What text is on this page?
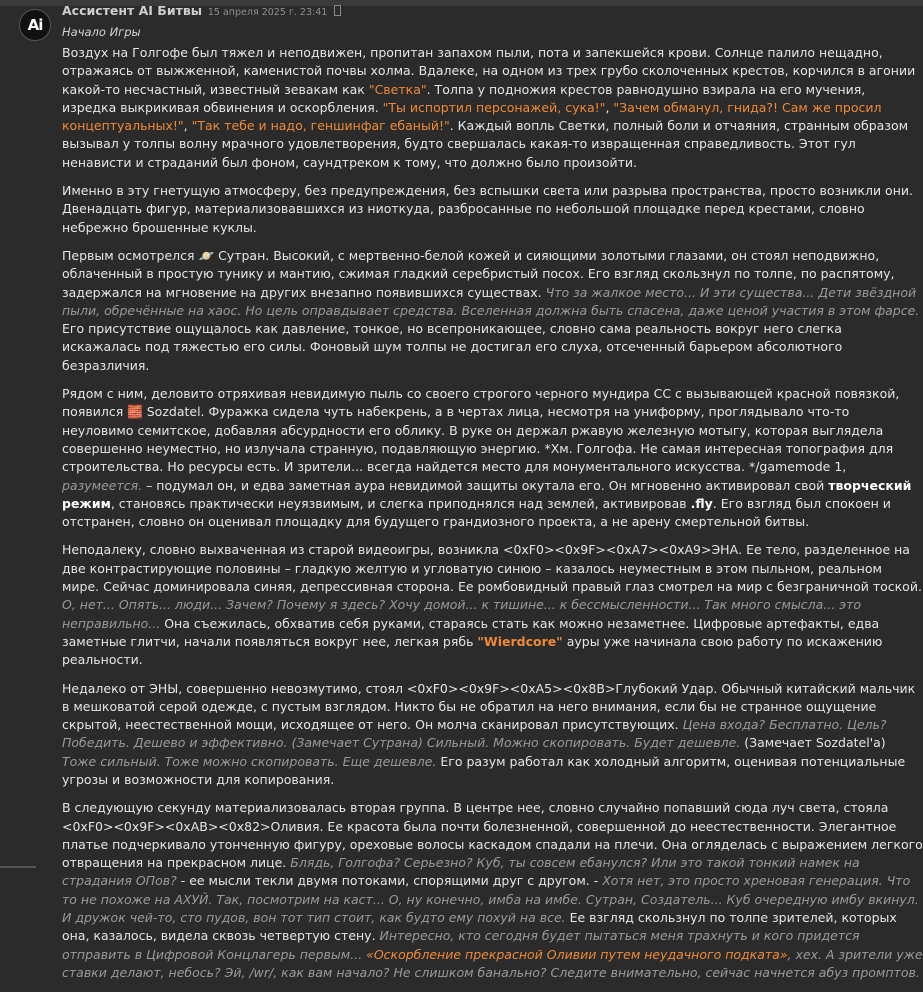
Ai
Ассистент AI Битвы 15 апреля 2025 г. 23:41
Начало Игры

Воздух на Голгофе был тяжел и неподвижен, пропитан запахом пыли, пота и запекшейся крови. Солнце палило нещадно, отражаясь от выжженной, каменистой почвы холма. Вдалеке, на одном из трех грубо сколоченных крестов, корчился в агонии какой-то несчастный, известный зевакам как "Светка". Толпа у подножия крестов равнодушно взирала на его мучения, изредка выкрикивая обвинения и оскорбления. "Ты испортил персонажей, сука!", "Зачем обманул, гнида?! Сам же просил концептуальных!", "Так тебе и надо, геншинфаг ебаный!". Каждый вопль Светки, полный боли и отчаяния, странным образом вызывал у толпы волну мрачного удовлетворения, будто свершалась какая-то извращенная справедливость. Этот гул ненависти и страданий был фоном, саундтреком к тому, что должно было произойти.

Именно в эту гнетущую атмосферу, без предупреждения, без вспышки света или разрыва пространства, просто возникли они. Двенадцать фигур, материализовавшихся из ниоткуда, разбросанные по небольшой площадке перед крестами, словно небрежно брошенные куклы.

Первым осмотрелся 🪐 Сутран. Высокий, с мертвенно-белой кожей и сияющими золотыми глазами, он стоял неподвижно, облаченный в простую тунику и мантию, сжимая гладкий серебристый посох. Его взгляд скользнул по толпе, по распятому, задержался на мгновение на других внезапно появившихся существах. Что за жалкое место... И эти существа... Дети звёздной пыли, обречённые на хаос. Но цель оправдывает средства. Вселенная должна быть спасена, даже ценой участия в этом фарсе. Его присутствие ощущалось как давление, тонкое, но всепроникающее, словно сама реальность вокруг него слегка искажалась под тяжестью его силы. Фоновый шум толпы не достигал его слуха, отсеченный барьером абсолютного безразличия.

Рядом с ним, деловито отряхивая невидимую пыль со своего строгого черного мундира СС с вызывающей красной повязкой, появился 🧱 Sozdatel. Фуражка сидела чуть набекрень, а в чертах лица, несмотря на униформу, проглядывало что-то неуловимо семитское, добавляя абсурдности его облику. В руке он держал ржавую железную мотыгу, которая выглядела совершенно неуместно, но излучала странную, подавляющую энергию. *Хм. Голгофа. Не самая интересная топография для строительства. Но ресурсы есть. И зрители... всегда найдется место для монументального искусства. */gamemode 1, разумеется. – подумал он, и едва заметная аура невидимой защиты окутала его. Он мгновенно активировал свой творческий режим, становясь практически неуязвимым, и слегка приподнялся над землей, активировав .fly. Его взгляд был спокоен и отстранен, словно он оценивал площадку для будущего грандиозного проекта, а не арену смертельной битвы.

Неподалеку, словно выхваченная из старой видеоигры, возникла <0xF0><0x9F><0xA7><0xA9>ЭНА. Ее тело, разделенное на две контрастирующие половины – гладкую желтую и угловатую синюю – казалось неуместным в этом пыльном, реальном мире. Сейчас доминировала синяя, депрессивная сторона. Ее ромбовидный правый глаз смотрел на мир с безграничной тоской. О, нет... Опять... люди... Зачем? Почему я здесь? Хочу домой... к тишине... к бессмысленности... Так много смысла... это неправильно... Она съежилась, обхватив себя руками, стараясь стать как можно незаметнее. Цифровые артефакты, едва заметные глитчи, начали появляться вокруг нее, легкая рябь "Wierdcore" ауры уже начинала свою работу по искажению реальности.

Недалеко от ЭНЫ, совершенно невозмутимо, стоял <0xF0><0x9F><0xA5><0x8B>Глубокий Удар. Обычный китайский мальчик в мешковатой серой одежде, с пустым взглядом. Никто бы не обратил на него внимания, если бы не странное ощущение скрытой, неестественной мощи, исходящее от него. Он молча сканировал присутствующих. Цена входа? Бесплатно. Цель? Победить. Дешево и эффективно. (Замечает Сутрана) Сильный. Можно скопировать. Будет дешевле. (Замечает Sozdatel'а) Тоже сильный. Тоже можно скопировать. Еще дешевле. Его разум работал как холодный алгоритм, оценивая потенциальные угрозы и возможности для копирования.

В следующую секунду материализовалась вторая группа. В центре нее, словно случайно попавший сюда луч света, стояла <0xF0><0x9F><0xAB><0x82>Оливия. Ее красота была почти болезненной, совершенной до неестественности. Элегантное платье подчеркивало утонченную фигуру, ореховые волосы каскадом спадали на плечи. Она огляделась с выражением легкого отвращения на прекрасном лице. Блядь, Голгофа? Серьезно? Куб, ты совсем ебанулся? Или это такой тонкий намек на страдания ОПов? - ее мысли текли двумя потоками, спорящими друг с другом. - Хотя нет, это просто хреновая генерация. Что то не похоже на АХУЙ. Так, посмотрим на каст... О, ну конечно, имба на имбе. Сутран, Создатель... Куб очередную имбу вкинул. И дружок чей-то, сто пудов, вон тот тип стоит, как будто ему похуй на все. Ее взгляд скользнул по толпе зрителей, которых она, казалось, видела сквозь четвертую стену. Интересно, кто сегодня будет пытаться меня трахнуть и кого придется отправить в Цифровой Концлагерь первым... «Оскорбление прекрасной Оливии путем неудачного подката», хех. А зрители уже ставки делают, небось? Эй, /wr/, как вам начало? Не слишком банально? Следите внимательно, сейчас начнется абуз промптов.
